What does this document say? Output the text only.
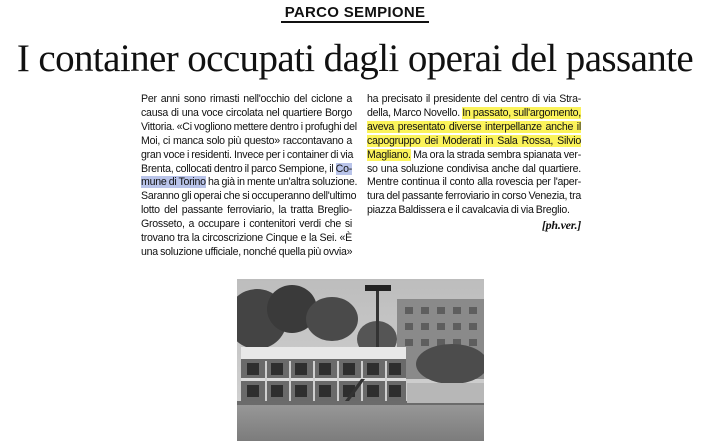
PARCO SEMPIONE
I container occupati dagli operai del passante
Per anni sono rimasti nell'occhio del ciclone a
causa di una voce circolata nel quartiere Borgo
Vittoria. «Ci vogliono mettere dentro i profughi del
Moi, ci manca solo più questo» raccontavano a
gran voce i residenti. Invece per i container di via
Brenta, collocati dentro il parco Sempione, il Co-
mune di Torino ha già in mente un'altra soluzione.
Saranno gli operai che si occuperanno dell'ultimo
lotto del passante ferroviario, la tratta Breglio-
Grosseto, a occupare i contenitori verdi che si
trovano tra la circoscrizione Cinque e la Sei. «È
una soluzione ufficiale, nonché quella più ovvia»
ha precisato il presidente del centro di via Stra-
della, Marco Novello. In passato, sull'argomento,
aveva presentato diverse interpellanze anche il
capogruppo dei Moderati in Sala Rossa, Silvio
Magliano. Ma ora la strada sembra spianata ver-
so una soluzione condivisa anche dal quartiere.
Mentre continua il conto alla rovescia per l'aper-
tura del passante ferroviario in corso Venezia, tra
piazza Baldissera e il cavalcavia di via Breglio.
[ph.ver.]
